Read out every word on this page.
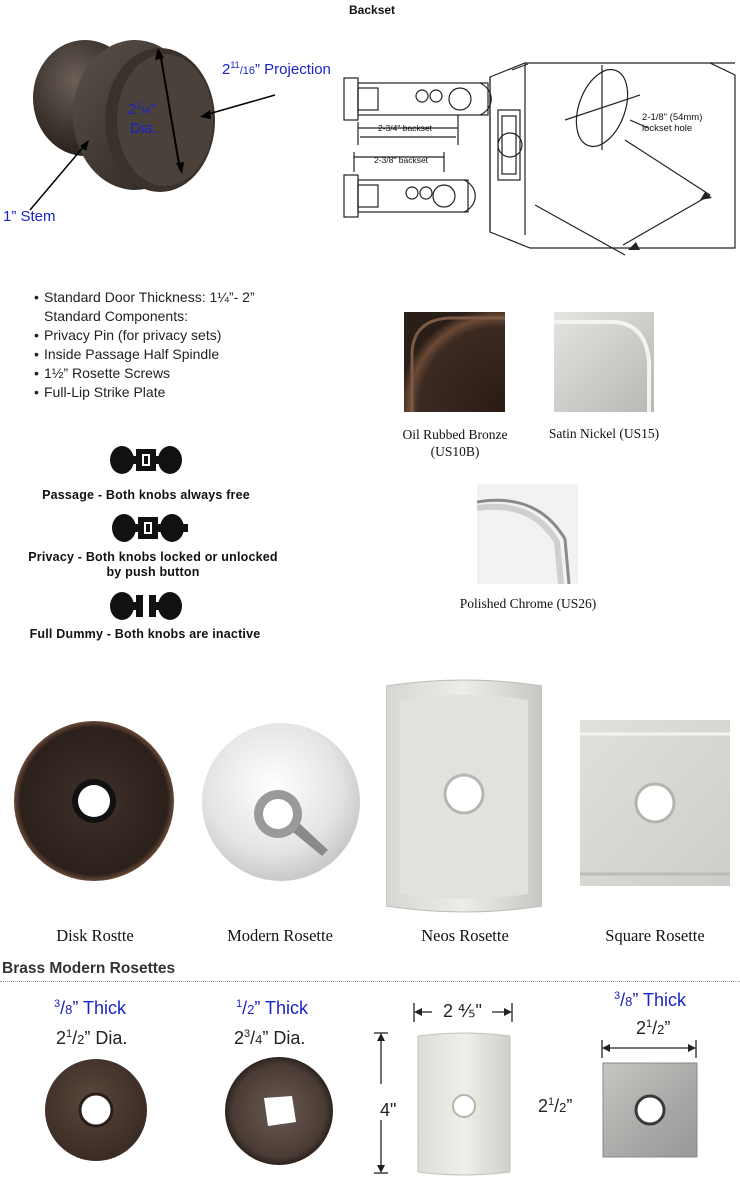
$2^{11}/16$” Projection
$2^1/4$”
Dia.
1” Stem
Backset
2-3/4" backset
2-3/8" backset
2-1/8" (54mm)
lockset hole
• Standard Door Thickness: 1¼”- 2”
Standard Components:
• Privacy Pin (for privacy sets)
• Inside Passage Half Spindle
• 1½” Rosette Screws
• Full-Lip Strike Plate
Passage - Both knobs always free
Privacy - Both knobs locked or unlocked
by push button
Full Dummy - Both knobs are inactive
Oil Rubbed Bronze
(US10B)
Satin Nickel (US15)
Polished Chrome (US26)
Disk Rostte	Modern Rosette	Neos Rosette	Square Rosette
Brass Modern Rosettes
$^3$/8” Thick
$2^1/2$” Dia.
$^1$/2” Thick
$2^3/4$” Dia.
2 ⅘"
4"
$^3$/8” Thick
$2^1/2$”
$2^1/2$”
